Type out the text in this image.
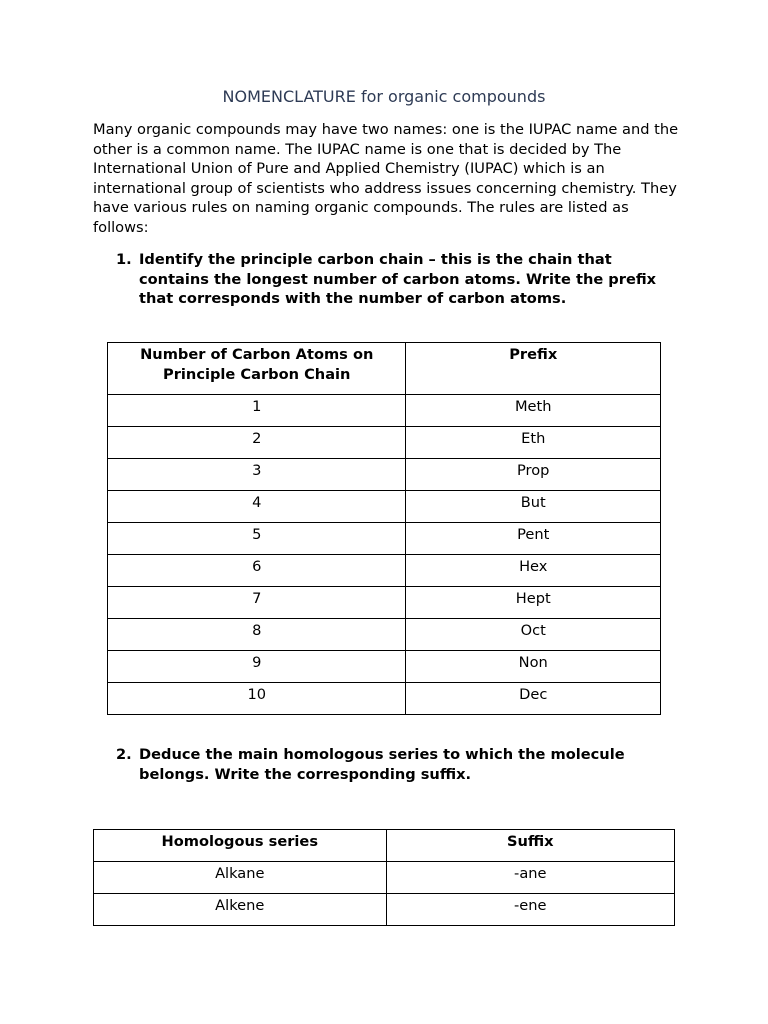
NOMENCLATURE for organic compounds

Many organic compounds may have two names: one is the IUPAC name and the other is a common name. The IUPAC name is one that is decided by The International Union of Pure and Applied Chemistry (IUPAC) which is an international group of scientists who address issues concerning chemistry. They have various rules on naming organic compounds. The rules are listed as follows:

1. Identify the principle carbon chain – this is the chain that contains the longest number of carbon atoms. Write the prefix that corresponds with the number of carbon atoms.
Number of Carbon Atoms on Principle Carbon Chain	Prefix
1	Meth
2	Eth
3	Prop
4	But
5	Pent
6	Hex
7	Hept
8	Oct
9	Non
10	Dec
2. Deduce the main homologous series to which the molecule belongs. Write the corresponding suffix.
Homologous series	Suffix
Alkane	-ane
Alkene	-ene
